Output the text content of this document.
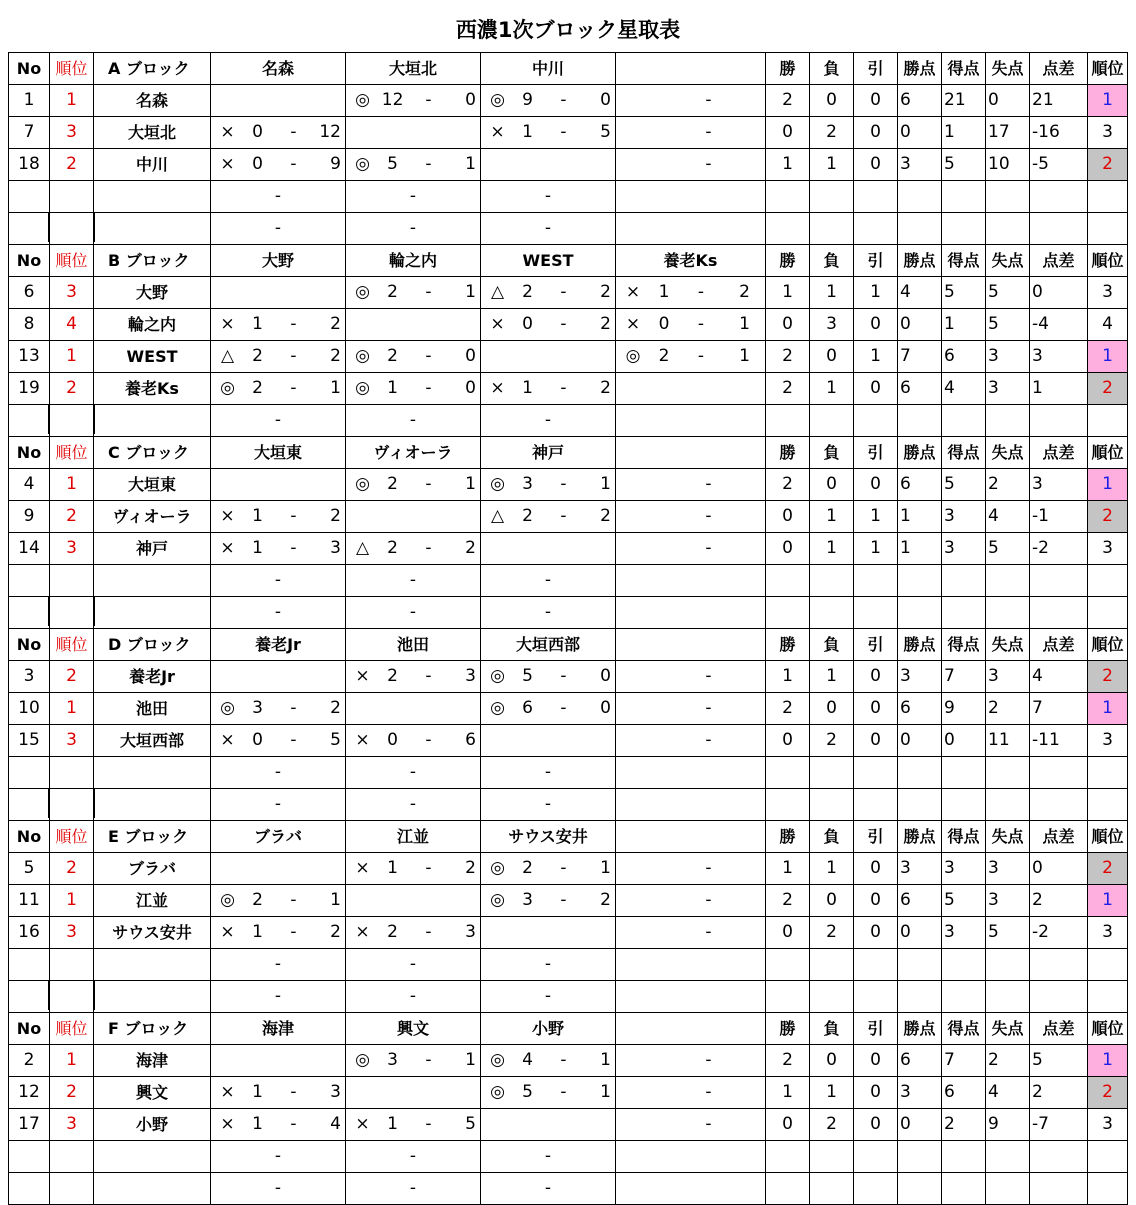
西濃1次ブロック星取表
No	順位	A ブロック	名森	大垣北	中川		勝	負	引	勝点	得点	失点	点差	順位
1	1	名森		◎ 12 - 0	◎ 9 - 0	-	2	0	0	6	21	0	21	1
7	3	大垣北	× 0 - 12		× 1 - 5	-	0	2	0	0	1	17	-16	3
18	2	中川	× 0 - 9	◎ 5 - 1		-	1	1	0	3	5	10	-5	2

			-	-	-									

			-	-	-									

No	順位	B ブロック	大野	輪之内	WEST	養老Ks	勝	負	引	勝点	得点	失点	点差	順位
6	3	大野		◎ 2 - 1	△ 2 - 2	× 1 - 2	1	1	1	4	5	5	0	3
8	4	輪之内	× 1 - 2		× 0 - 2	× 0 - 1	0	3	0	0	1	5	-4	4
13	1	WEST	△ 2 - 2	◎ 2 - 0		◎ 2 - 1	2	0	1	7	6	3	3	1
19	2	養老Ks	◎ 2 - 1	◎ 1 - 0	× 1 - 2		2	1	0	6	4	3	1	2

			-	-	-									

No	順位	C ブロック	大垣東	ヴィオーラ	神戸		勝	負	引	勝点	得点	失点	点差	順位
4	1	大垣東		◎ 2 - 1	◎ 3 - 1	-	2	0	0	6	5	2	3	1
9	2	ヴィオーラ	× 1 - 2		△ 2 - 2	-	0	1	1	1	3	4	-1	2
14	3	神戸	× 1 - 3	△ 2 - 2		-	0	1	1	1	3	5	-2	3

			-	-	-									

			-	-	-									

No	順位	D ブロック	養老Jr	池田	大垣西部		勝	負	引	勝点	得点	失点	点差	順位
3	2	養老Jr		× 2 - 3	◎ 5 - 0	-	1	1	0	3	7	3	4	2
10	1	池田	◎ 3 - 2		◎ 6 - 0	-	2	0	0	6	9	2	7	1
15	3	大垣西部	× 0 - 5	× 0 - 6		-	0	2	0	0	0	11	-11	3

			-	-	-									

			-	-	-									

No	順位	E ブロック	ブラバ	江並	サウス安井		勝	負	引	勝点	得点	失点	点差	順位
5	2	ブラバ		× 1 - 2	◎ 2 - 1	-	1	1	0	3	3	3	0	2
11	1	江並	◎ 2 - 1		◎ 3 - 2	-	2	0	0	6	5	3	2	1
16	3	サウス安井	× 1 - 2	× 2 - 3		-	0	2	0	0	3	5	-2	3

			-	-	-									

			-	-	-									

No	順位	F ブロック	海津	興文	小野		勝	負	引	勝点	得点	失点	点差	順位
2	1	海津		◎ 3 - 1	◎ 4 - 1	-	2	0	0	6	7	2	5	1
12	2	興文	× 1 - 3		◎ 5 - 1	-	1	1	0	3	6	4	2	2
17	3	小野	× 1 - 4	× 1 - 5		-	0	2	0	0	2	9	-7	3

			-	-	-									

			-	-	-									
